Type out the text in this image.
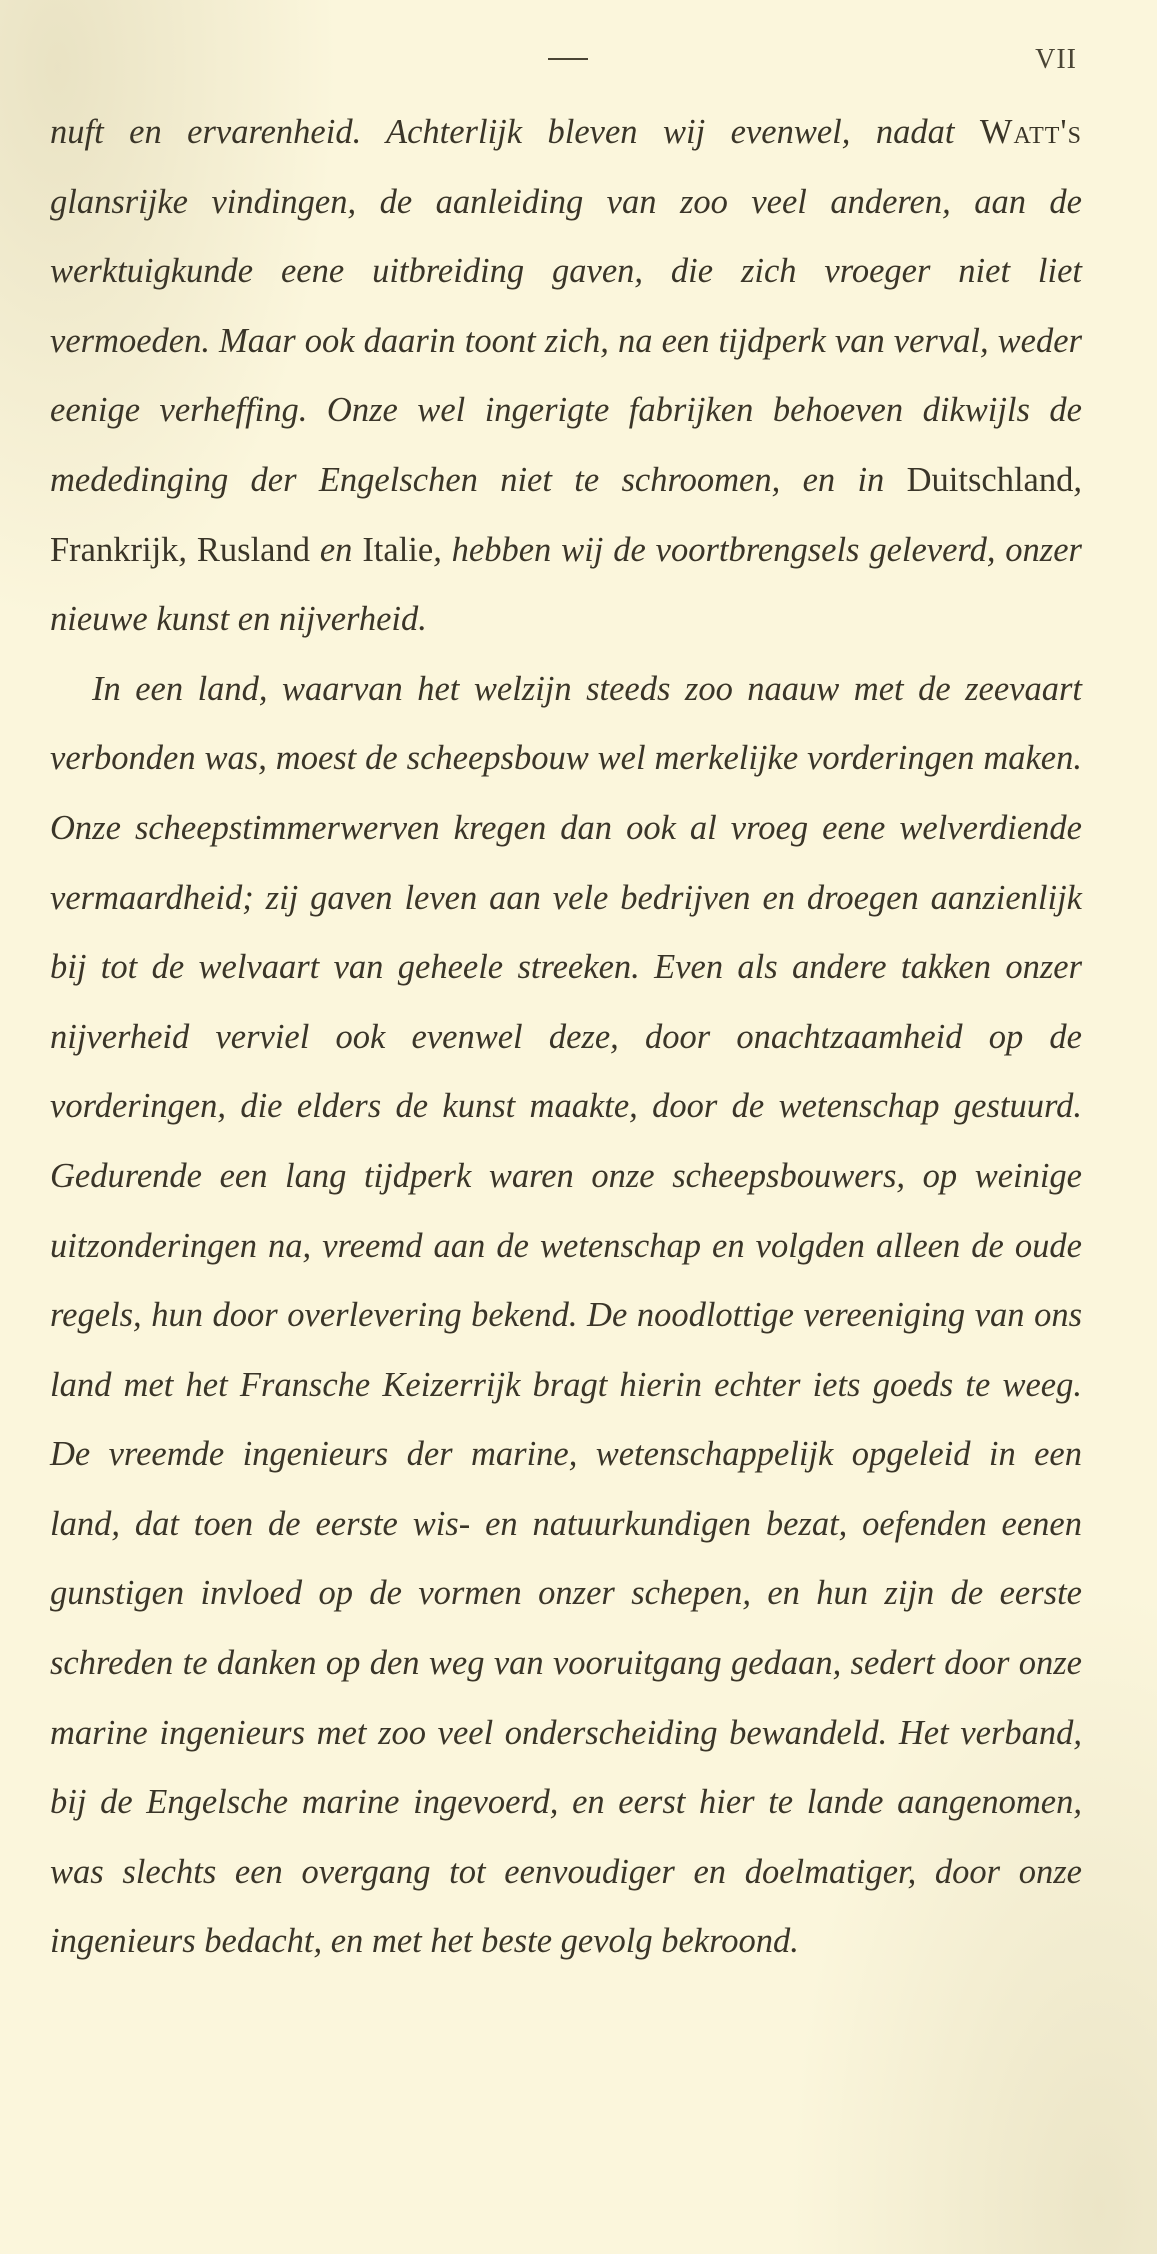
VII

nuft en ervarenheid. Achterlijk bleven wij evenwel, nadat Watt's glansrijke vindingen, de aanleiding van zoo veel anderen, aan de werktuigkunde eene uitbreiding gaven, die zich vroeger niet liet vermoeden. Maar ook daarin toont zich, na een tijdperk van verval, weder eenige verheffing. Onze wel ingerigte fabrijken behoeven dikwijls de mededinging der Engelschen niet te schroomen, en in Duitschland, Frankrijk, Rusland en Italie, hebben wij de voortbrengsels geleverd, onzer nieuwe kunst en nijverheid.

In een land, waarvan het welzijn steeds zoo naauw met de zeevaart verbonden was, moest de scheepsbouw wel merkelijke vorderingen maken. Onze scheepstimmerwerven kregen dan ook al vroeg eene welverdiende vermaardheid; zij gaven leven aan vele bedrijven en droegen aanzienlijk bij tot de welvaart van geheele streeken. Even als andere takken onzer nijverheid verviel ook evenwel deze, door onachtzaamheid op de vorderingen, die elders de kunst maakte, door de wetenschap gestuurd. Gedurende een lang tijdperk waren onze scheepsbouwers, op weinige uitzonderingen na, vreemd aan de wetenschap en volgden alleen de oude regels, hun door overlevering bekend. De noodlottige vereeniging van ons land met het Fransche Keizerrijk bragt hierin echter iets goeds te weeg. De vreemde ingenieurs der marine, wetenschappelijk opgeleid in een land, dat toen de eerste wis- en natuurkundigen bezat, oefenden eenen gunstigen invloed op de vormen onzer schepen, en hun zijn de eerste schreden te danken op den weg van vooruitgang gedaan, sedert door onze marine ingenieurs met zoo veel onderscheiding bewandeld. Het verband, bij de Engelsche marine ingevoerd, en eerst hier te lande aangenomen, was slechts een overgang tot eenvoudiger en doelmatiger, door onze ingenieurs bedacht, en met het beste gevolg bekroond.
